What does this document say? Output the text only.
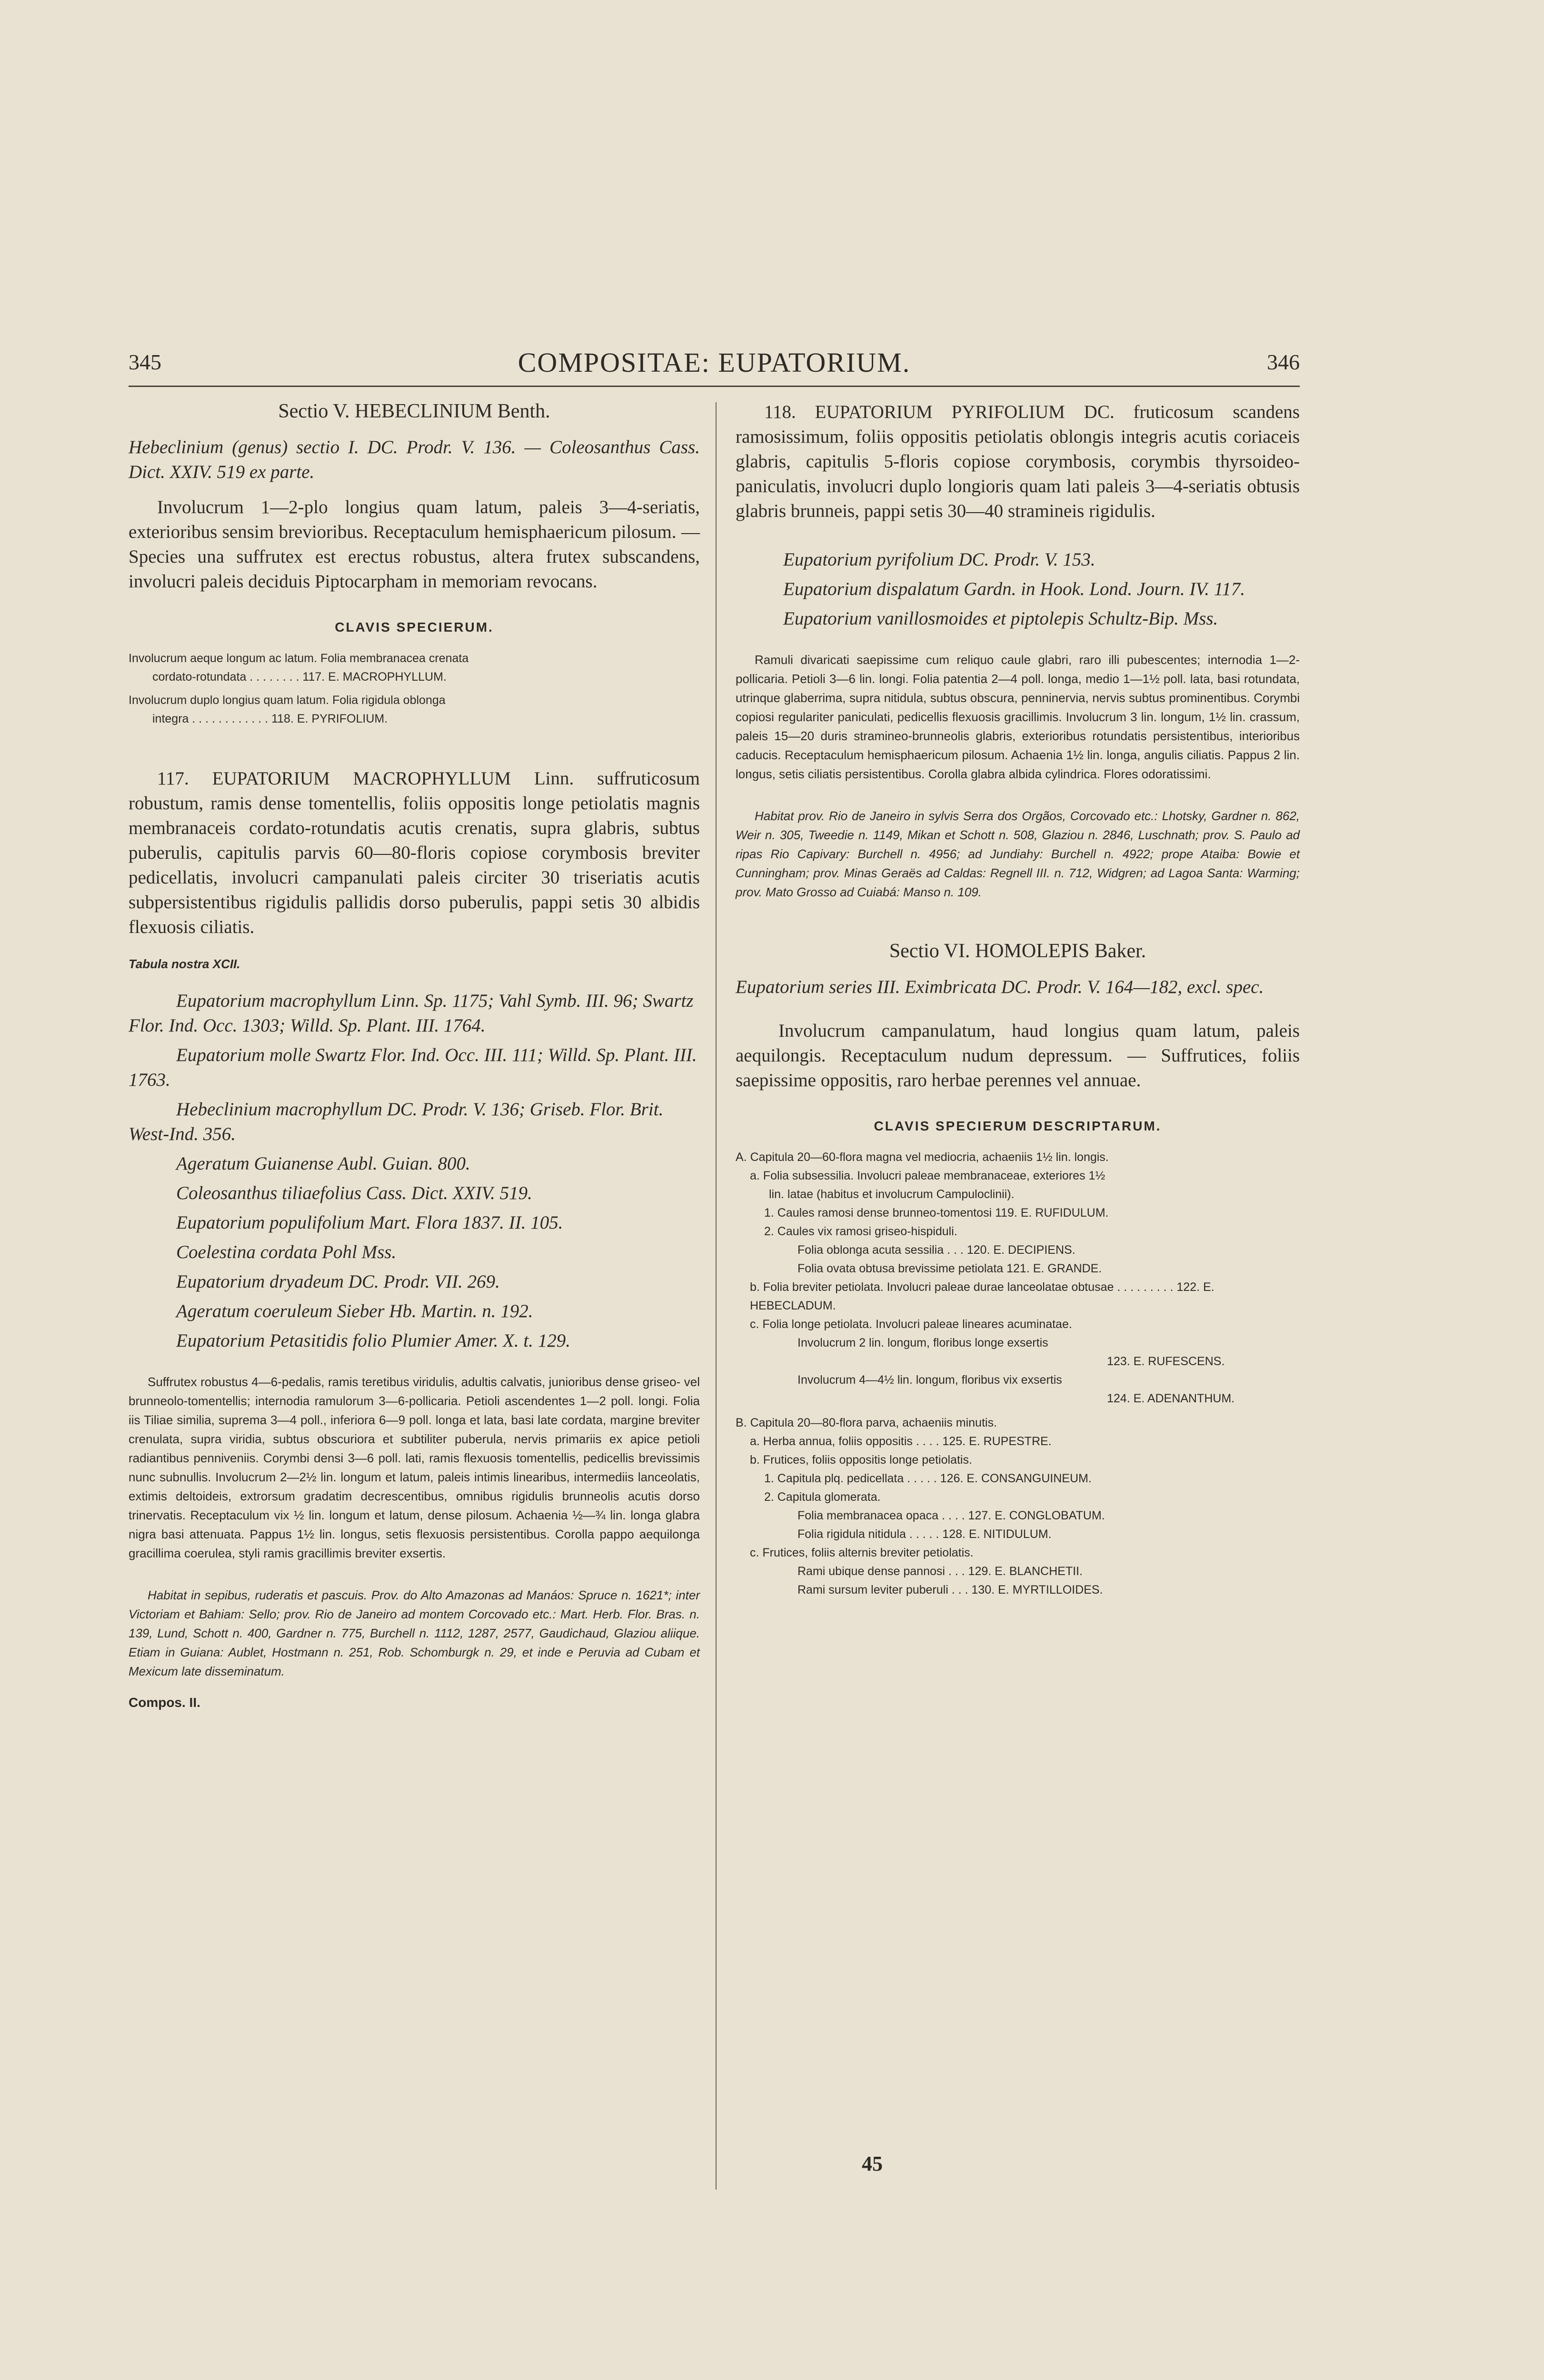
345	COMPOSITAE: EUPATORIUM.	346
Sectio V. HEBECLINIUM Benth.

Hebeclinium (genus) sectio I. DC. Prodr. V. 136. — Coleosanthus Cass. Dict. XXIV. 519 ex parte.

Involucrum 1—2-plo longius quam latum, paleis 3—4-seriatis, exterioribus sensim brevioribus. Receptaculum hemisphaericum pilosum. — Species una suffrutex est erectus robustus, altera frutex subscandens, involucri paleis deciduis Piptocarpham in memoriam revocans.

CLAVIS SPECIERUM.
Involucrum aeque longum ac latum. Folia membranacea crenata
cordato-rotundata . . . . . . . . 117. E. MACROPHYLLUM.
Involucrum duplo longius quam latum. Folia rigidula oblonga
integra . . . . . . . . . . . . 118. E. PYRIFOLIUM.

117. EUPATORIUM MACROPHYLLUM Linn. suffruticosum robustum, ramis dense tomentellis, foliis oppositis longe petiolatis magnis membranaceis cordato-rotundatis acutis crenatis, supra glabris, subtus puberulis, capitulis parvis 60—80-floris copiose corymbosis breviter pedicellatis, involucri campanulati paleis circiter 30 triseriatis acutis subpersistentibus rigidulis pallidis dorso puberulis, pappi setis 30 albidis flexuosis ciliatis.

Tabula nostra XCII.

Eupatorium macrophyllum Linn. Sp. 1175; Vahl Symb. III. 96; Swartz Flor. Ind. Occ. 1303; Willd. Sp. Plant. III. 1764.

Eupatorium molle Swartz Flor. Ind. Occ. III. 111; Willd. Sp. Plant. III. 1763.

Hebeclinium macrophyllum DC. Prodr. V. 136; Griseb. Flor. Brit. West-Ind. 356.

Ageratum Guianense Aubl. Guian. 800.

Coleosanthus tiliaefolius Cass. Dict. XXIV. 519.

Eupatorium populifolium Mart. Flora 1837. II. 105.

Coelestina cordata Pohl Mss.

Eupatorium dryadeum DC. Prodr. VII. 269.

Ageratum coeruleum Sieber Hb. Martin. n. 192.

Eupatorium Petasitidis folio Plumier Amer. X. t. 129.

Suffrutex robustus 4—6-pedalis, ramis teretibus viridulis, adultis calvatis, junioribus dense griseo- vel brunneolo-tomentellis; internodia ramulorum 3—6-pollicaria. Petioli ascendentes 1—2 poll. longi. Folia iis Tiliae similia, suprema 3—4 poll., inferiora 6—9 poll. longa et lata, basi late cordata, margine breviter crenulata, supra viridia, subtus obscuriora et subtiliter puberula, nervis primariis ex apice petioli radiantibus penniveniis. Corymbi densi 3—6 poll. lati, ramis flexuosis tomentellis, pedicellis brevissimis nunc subnullis. Involucrum 2—2½ lin. longum et latum, paleis intimis linearibus, intermediis lanceolatis, extimis deltoideis, extrorsum gradatim decrescentibus, omnibus rigidulis brunneolis acutis dorso trinervatis. Receptaculum vix ½ lin. longum et latum, dense pilosum. Achaenia ½—¾ lin. longa glabra nigra basi attenuata. Pappus 1½ lin. longus, setis flexuosis persistentibus. Corolla pappo aequilonga gracillima coerulea, styli ramis gracillimis breviter exsertis.

Habitat in sepibus, ruderatis et pascuis. Prov. do Alto Amazonas ad Manáos: Spruce n. 1621*; inter Victoriam et Bahiam: Sello; prov. Rio de Janeiro ad montem Corcovado etc.: Mart. Herb. Flor. Bras. n. 139, Lund, Schott n. 400, Gardner n. 775, Burchell n. 1112, 1287, 2577, Gaudichaud, Glaziou aliique. Etiam in Guiana: Aublet, Hostmann n. 251, Rob. Schomburgk n. 29, et inde e Peruvia ad Cubam et Mexicum late disseminatum.

Compos. II.

118. EUPATORIUM PYRIFOLIUM DC. fruticosum scandens ramosissimum, foliis oppositis petiolatis oblongis integris acutis coriaceis glabris, capitulis 5-floris copiose corymbosis, corymbis thyrsoideo-paniculatis, involucri duplo longioris quam lati paleis 3—4-seriatis obtusis glabris brunneis, pappi setis 30—40 stramineis rigidulis.

Eupatorium pyrifolium DC. Prodr. V. 153.

Eupatorium dispalatum Gardn. in Hook. Lond. Journ. IV. 117.

Eupatorium vanillosmoides et piptolepis Schultz-Bip. Mss.

Ramuli divaricati saepissime cum reliquo caule glabri, raro illi pubescentes; internodia 1—2-pollicaria. Petioli 3—6 lin. longi. Folia patentia 2—4 poll. longa, medio 1—1½ poll. lata, basi rotundata, utrinque glaberrima, supra nitidula, subtus obscura, penninervia, nervis subtus prominentibus. Corymbi copiosi regulariter paniculati, pedicellis flexuosis gracillimis. Involucrum 3 lin. longum, 1½ lin. crassum, paleis 15—20 duris stramineo-brunneolis glabris, exterioribus rotundatis persistentibus, interioribus caducis. Receptaculum hemisphaericum pilosum. Achaenia 1½ lin. longa, angulis ciliatis. Pappus 2 lin. longus, setis ciliatis persistentibus. Corolla glabra albida cylindrica. Flores odoratissimi.

Habitat prov. Rio de Janeiro in sylvis Serra dos Orgãos, Corcovado etc.: Lhotsky, Gardner n. 862, Weir n. 305, Tweedie n. 1149, Mikan et Schott n. 508, Glaziou n. 2846, Luschnath; prov. S. Paulo ad ripas Rio Capivary: Burchell n. 4956; ad Jundiahy: Burchell n. 4922; prope Ataiba: Bowie et Cunningham; prov. Minas Geraës ad Caldas: Regnell III. n. 712, Widgren; ad Lagoa Santa: Warming; prov. Mato Grosso ad Cuiabá: Manso n. 109.

Sectio VI. HOMOLEPIS Baker.

Eupatorium series III. Eximbricata DC. Prodr. V. 164—182, excl. spec.

Involucrum campanulatum, haud longius quam latum, paleis aequilongis. Receptaculum nudum depressum. — Suffrutices, foliis saepissime oppositis, raro herbae perennes vel annuae.

CLAVIS SPECIERUM DESCRIPTARUM.
A. Capitula 20—60-flora magna vel mediocria, achaeniis 1½ lin. longis.
a. Folia subsessilia. Involucri paleae membranaceae, exteriores 1½
lin. latae (habitus et involucrum Campuloclinii).
1. Caules ramosi dense brunneo-tomentosi 119. E. RUFIDULUM.
2. Caules vix ramosi griseo-hispiduli.
Folia oblonga acuta sessilia . . . 120. E. DECIPIENS.
Folia ovata obtusa brevissime petiolata 121. E. GRANDE.
b. Folia breviter petiolata. Involucri paleae durae lanceolatae obtusae . . . . . . . . . 122. E. HEBECLADUM.
c. Folia longe petiolata. Involucri paleae lineares acuminatae.
Involucrum 2 lin. longum, floribus longe exsertis
123. E. RUFESCENS.
Involucrum 4—4½ lin. longum, floribus vix exsertis
124. E. ADENANTHUM.
B. Capitula 20—80-flora parva, achaeniis minutis.
a. Herba annua, foliis oppositis . . . . 125. E. RUPESTRE.
b. Frutices, foliis oppositis longe petiolatis.
1. Capitula plq. pedicellata . . . . . 126. E. CONSANGUINEUM.
2. Capitula glomerata.
Folia membranacea opaca . . . . 127. E. CONGLOBATUM.
Folia rigidula nitidula . . . . . 128. E. NITIDULUM.
c. Frutices, foliis alternis breviter petiolatis.
Rami ubique dense pannosi . . . 129. E. BLANCHETII.
Rami sursum leviter puberuli . . . 130. E. MYRTILLOIDES.
45
